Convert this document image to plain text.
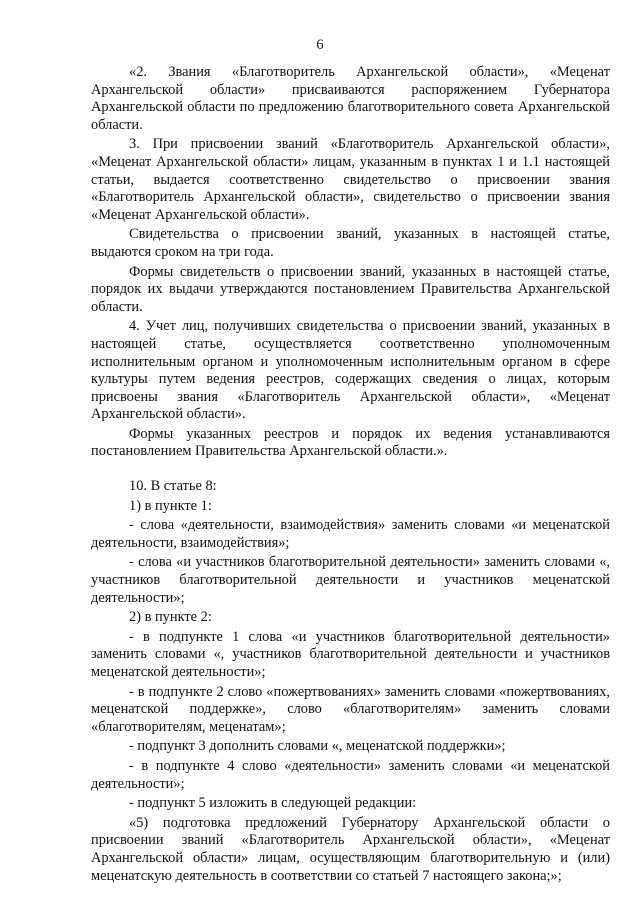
6

«2. Звания «Благотворитель Архангельской области», «Меценат Архангельской области» присваиваются распоряжением Губернатора Архангельской области по предложению благотворительного совета Архангельской области.

3. При присвоении званий «Благотворитель Архангельской области», «Меценат Архангельской области» лицам, указанным в пунктах 1 и 1.1 настоящей статьи, выдается соответственно свидетельство о присвоении звания «Благотворитель Архангельской области», свидетельство о присвоении звания «Меценат Архангельской области».

Свидетельства о присвоении званий, указанных в настоящей статье, выдаются сроком на три года.

Формы свидетельств о присвоении званий, указанных в настоящей статье, порядок их выдачи утверждаются постановлением Правительства Архангельской области.

4. Учет лиц, получивших свидетельства о присвоении званий, указанных в настоящей статье, осуществляется соответственно уполномоченным исполнительным органом и уполномоченным исполнительным органом в сфере культуры путем ведения реестров, содержащих сведения о лицах, которым присвоены звания «Благотворитель Архангельской области», «Меценат Архангельской области».

Формы указанных реестров и порядок их ведения устанавливаются постановлением Правительства Архангельской области.».

10. В статье 8:

1) в пункте 1:

- слова «деятельности, взаимодействия» заменить словами «и меценатской деятельности, взаимодействия»;

- слова «и участников благотворительной деятельности» заменить словами «, участников благотворительной деятельности и участников меценатской деятельности»;

2) в пункте 2:

- в подпункте 1 слова «и участников благотворительной деятельности» заменить словами «, участников благотворительной деятельности и участников меценатской деятельности»;

- в подпункте 2 слово «пожертвованиях» заменить словами «пожертвованиях, меценатской поддержке», слово «благотворителям» заменить словами «благотворителям, меценатам»;

- подпункт 3 дополнить словами «, меценатской поддержки»;

- в подпункте 4 слово «деятельности» заменить словами «и меценатской деятельности»;

- подпункт 5 изложить в следующей редакции:

«5) подготовка предложений Губернатору Архангельской области о присвоении званий «Благотворитель Архангельской области», «Меценат Архангельской области» лицам, осуществляющим благотворительную и (или) меценатскую деятельность в соответствии со статьей 7 настоящего закона;»;
